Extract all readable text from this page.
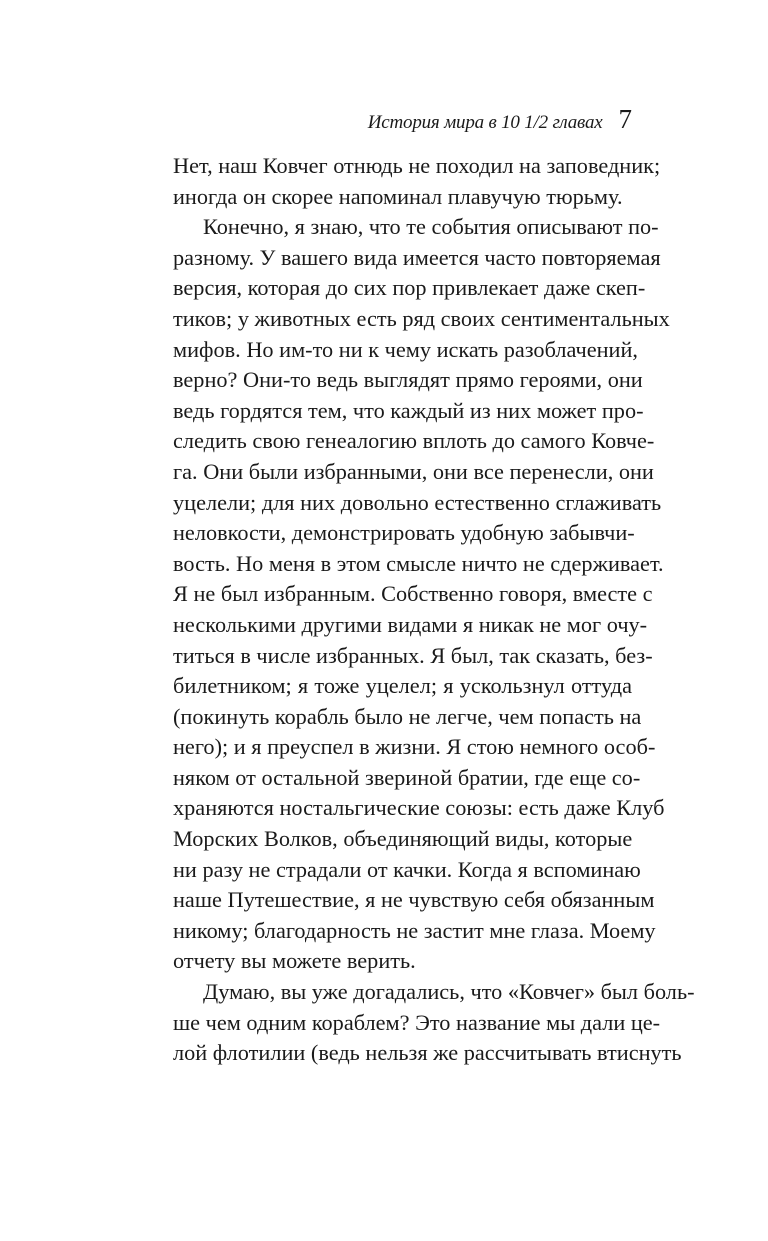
История мира в 10 1/2 главах 7
Нет, наш Ковчег отнюдь не походил на заповедник;
иногда он скорее напоминал плавучую тюрьму.
Конечно, я знаю, что те события описывают по-
разному. У вашего вида имеется часто повторяемая
версия, которая до сих пор привлекает даже скеп-
тиков; у животных есть ряд своих сентиментальных
мифов. Но им-то ни к чему искать разоблачений,
верно? Они-то ведь выглядят прямо героями, они
ведь гордятся тем, что каждый из них может про-
следить свою генеалогию вплоть до самого Ковче-
га. Они были избранными, они все перенесли, они
уцелели; для них довольно естественно сглаживать
неловкости, демонстрировать удобную забывчи-
вость. Но меня в этом смысле ничто не сдерживает.
Я не был избранным. Собственно говоря, вместе с
несколькими другими видами я никак не мог очу-
титься в числе избранных. Я был, так сказать, без-
билетником; я тоже уцелел; я ускользнул оттуда
(покинуть корабль было не легче, чем попасть на
него); и я преуспел в жизни. Я стою немного особ-
няком от остальной звериной братии, где еще со-
храняются ностальгические союзы: есть даже Клуб
Морских Волков, объединяющий виды, которые
ни разу не страдали от качки. Когда я вспоминаю
наше Путешествие, я не чувствую себя обязанным
никому; благодарность не застит мне глаза. Моему
отчету вы можете верить.
Думаю, вы уже догадались, что «Ковчег» был боль-
ше чем одним кораблем? Это название мы дали це-
лой флотилии (ведь нельзя же рассчитывать втиснуть
